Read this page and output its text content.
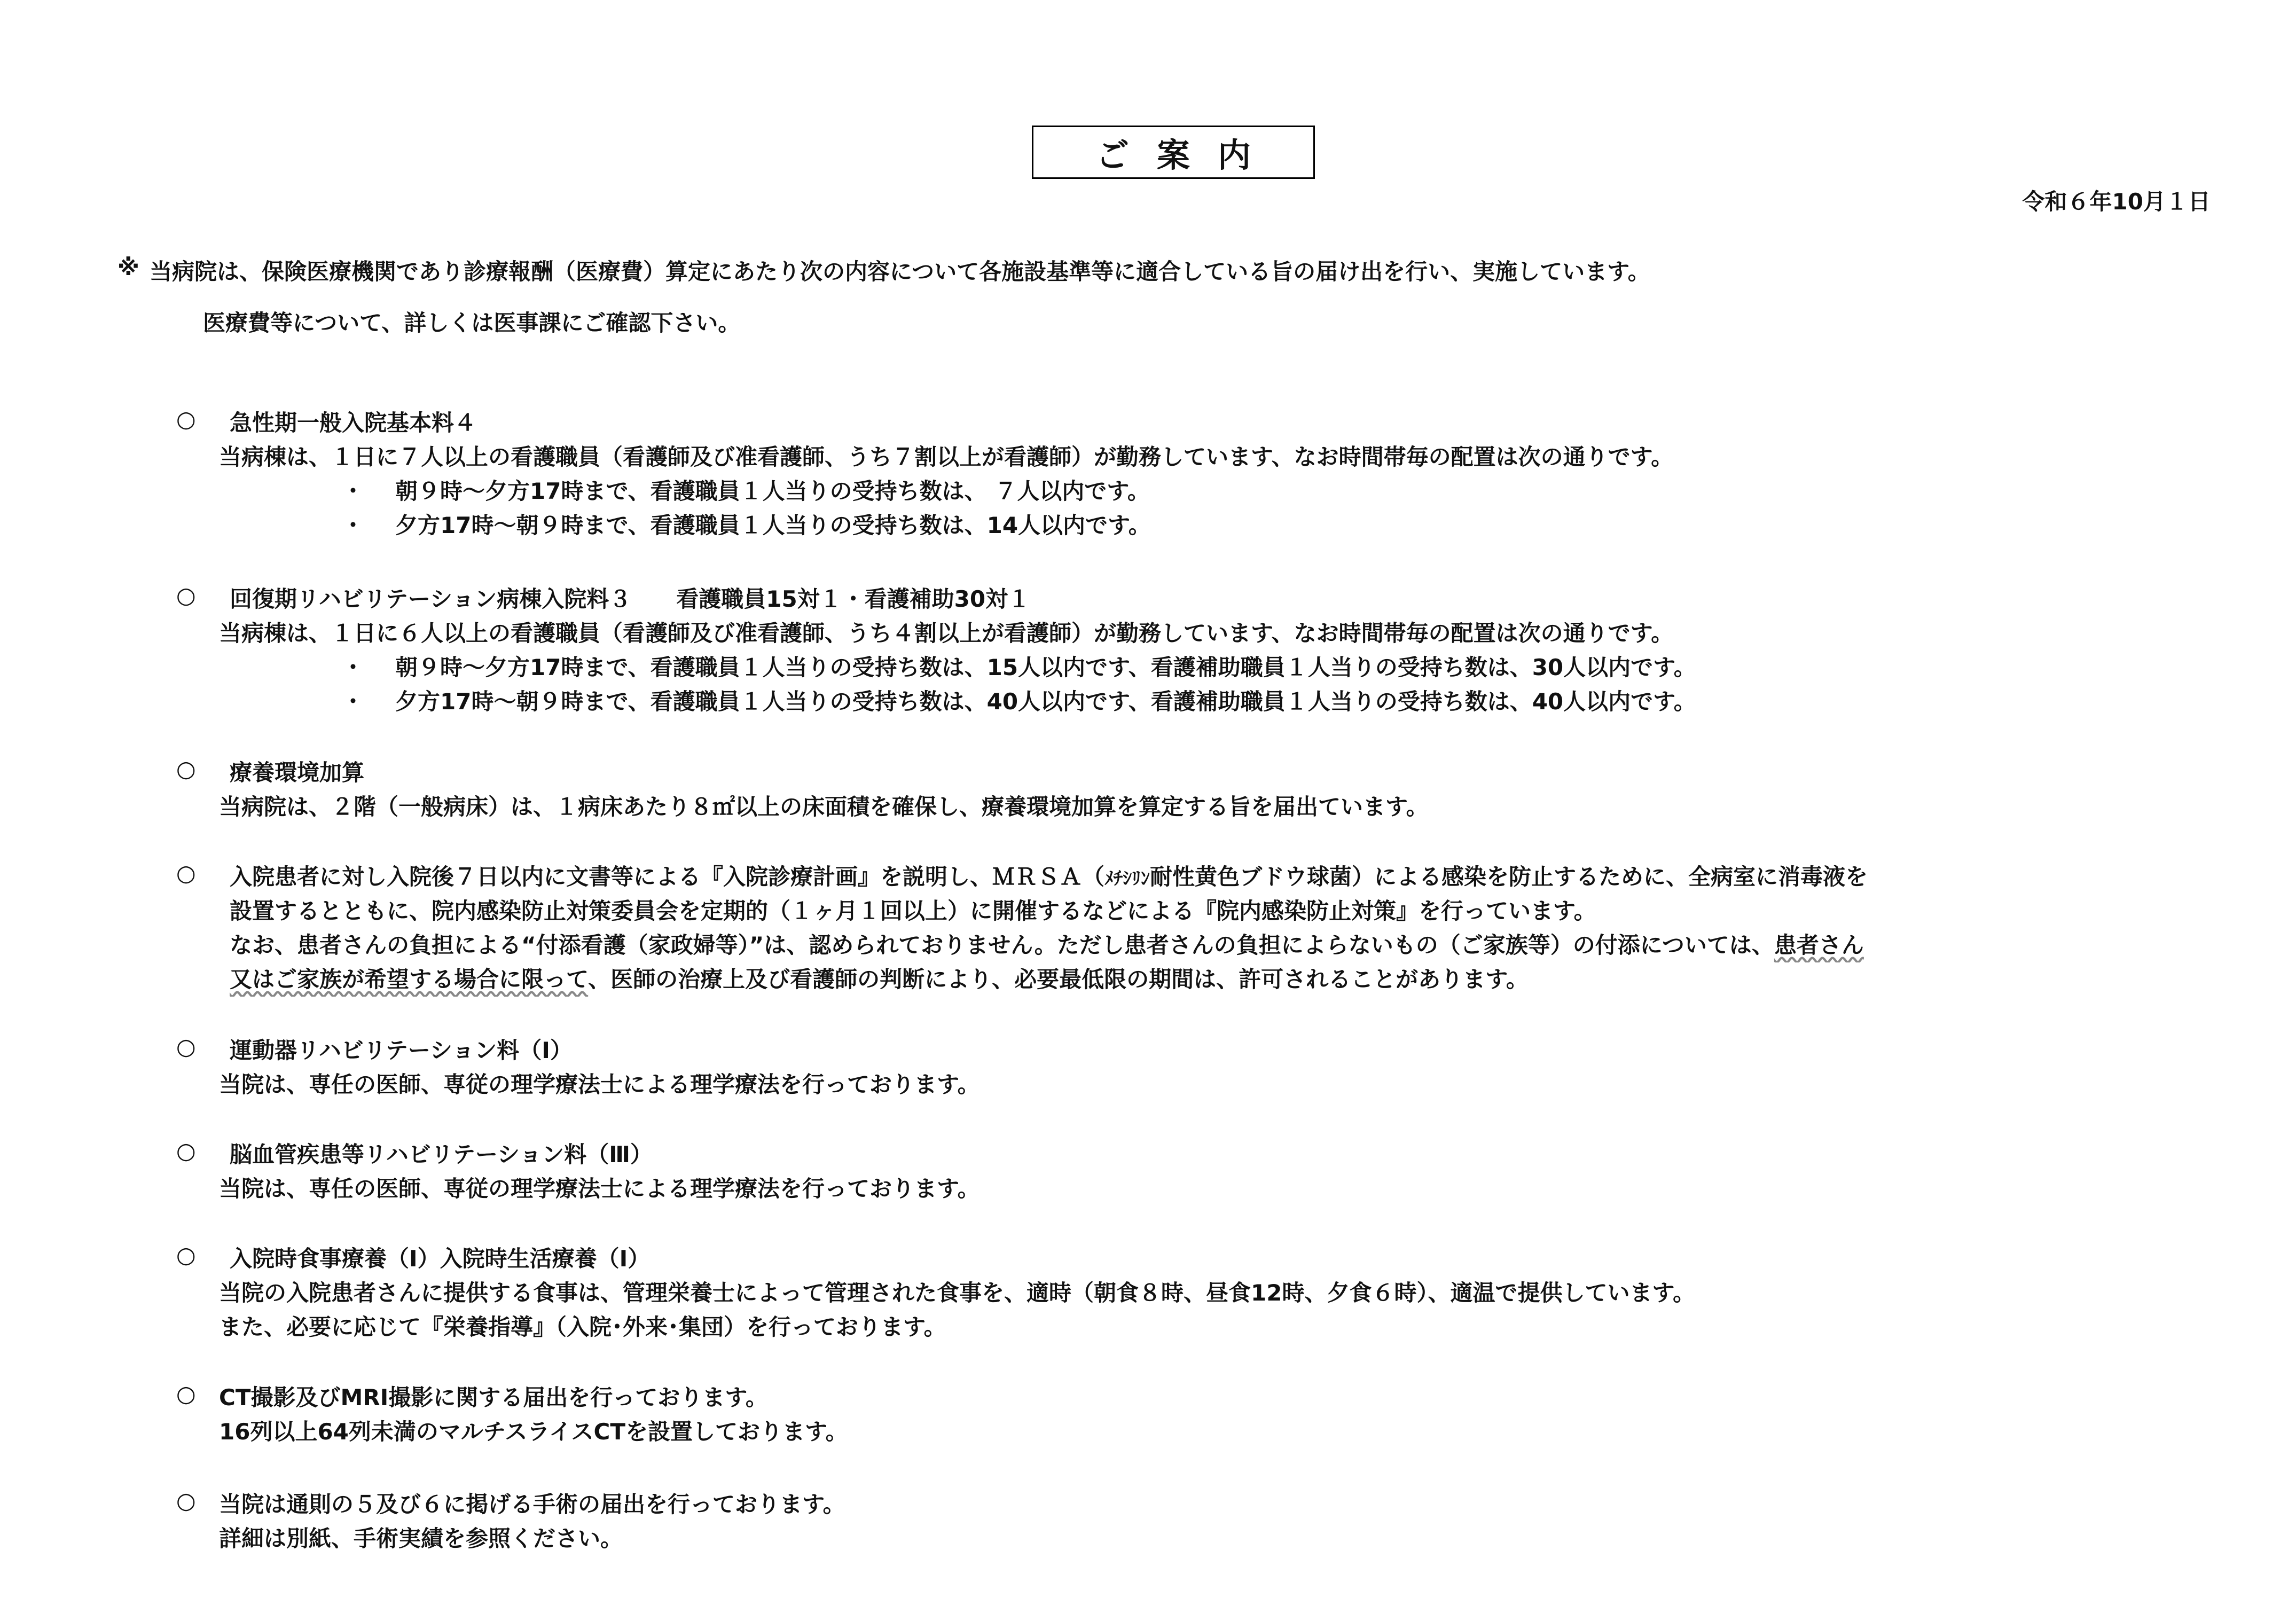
ご案内
令和６年10月１日
※ 当病院は、保険医療機関であり診療報酬（医療費）算定にあたり次の内容について各施設基準等に適合している旨の届け出を行い、実施しています。
医療費等について、詳しくは医事課にご確認下さい。
○ 急性期一般入院基本料４
当病棟は、１日に７人以上の看護職員（看護師及び准看護師、うち７割以上が看護師）が勤務しています、なお時間帯毎の配置は次の通りです。
・ 朝９時～夕方17時まで、看護職員１人当りの受持ち数は、 ７人以内です。
・ 夕方17時～朝９時まで、看護職員１人当りの受持ち数は、14人以内です。
○ 回復期リハビリテーション病棟入院料３　　看護職員15対１・看護補助30対１
当病棟は、１日に６人以上の看護職員（看護師及び准看護師、うち４割以上が看護師）が勤務しています、なお時間帯毎の配置は次の通りです。
・ 朝９時～夕方17時まで、看護職員１人当りの受持ち数は、15人以内です、看護補助職員１人当りの受持ち数は、30人以内です。
・ 夕方17時～朝９時まで、看護職員１人当りの受持ち数は、40人以内です、看護補助職員１人当りの受持ち数は、40人以内です。
○ 療養環境加算
当病院は、２階（一般病床）は、１病床あたり８㎡以上の床面積を確保し、療養環境加算を算定する旨を届出ています。
○ 入院患者に対し入院後７日以内に文書等による『入院診療計画』を説明し、ＭＲＳＡ（ﾒﾁｼﾘﾝ耐性黄色ブドウ球菌）による感染を防止するために、全病室に消毒液を
設置するとともに、院内感染防止対策委員会を定期的（１ヶ月１回以上）に開催するなどによる『院内感染防止対策』を行っています。
なお、患者さんの負担による“付添看護（家政婦等）”は、認められておりません。ただし患者さんの負担によらないもの（ご家族等）の付添については、患者さん
又はご家族が希望する場合に限って、医師の治療上及び看護師の判断により、必要最低限の期間は、許可されることがあります。
○ 運動器リハビリテーション料（Ⅰ）
当院は、専任の医師、専従の理学療法士による理学療法を行っております。
○ 脳血管疾患等リハビリテーション料（Ⅲ）
当院は、専任の医師、専従の理学療法士による理学療法を行っております。
○ 入院時食事療養（Ⅰ）入院時生活療養（Ⅰ）
当院の入院患者さんに提供する食事は、管理栄養士によって管理された食事を、適時（朝食８時、昼食12時、夕食６時）、適温で提供しています。
また、必要に応じて『栄養指導』（入院･外来･集団）を行っております。
○ CT撮影及びMRI撮影に関する届出を行っております。
16列以上64列未満のマルチスライスCTを設置しております。
○ 当院は通則の５及び６に掲げる手術の届出を行っております。
詳細は別紙、手術実績を参照ください。
